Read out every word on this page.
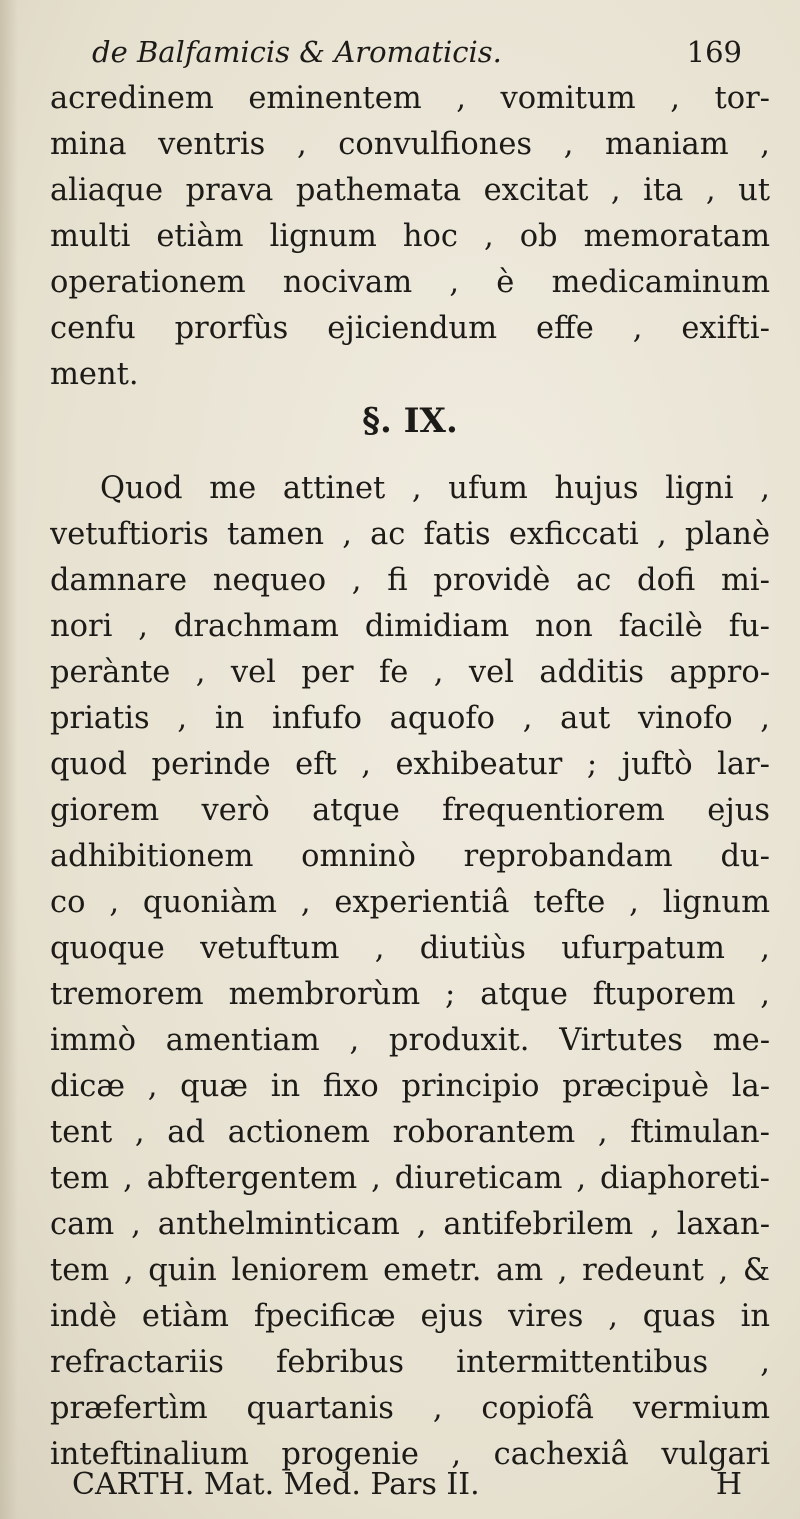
de Balfamicis & Aromaticis.	169
acredinem eminentem , vomitum , tor-
mina ventris , convulfiones , maniam ,
aliaque prava pathemata excitat , ita , ut
multi etiàm lignum hoc , ob memoratam
operationem nocivam , è medicaminum
cenfu prorfùs ejiciendum effe , exifti-
ment.
§. IX.
Quod me attinet , ufum hujus ligni ,
vetuftioris tamen , ac fatis exficcati , planè
damnare nequeo , fi providè ac dofi mi-
nori , drachmam dimidiam non facilè fu-
perànte , vel per fe , vel additis appro-
priatis , in infufo aquofo , aut vinofo ,
quod perinde eft , exhibeatur ; juftò lar-
giorem verò atque frequentiorem ejus
adhibitionem omninò reprobandam du-
co , quoniàm , experientiâ tefte , lignum
quoque vetuftum , diutiùs ufurpatum ,
tremorem membrorùm ; atque ftuporem ,
immò amentiam , produxit. Virtutes me-
dicæ , quæ in fixo principio præcipuè la-
tent , ad actionem roborantem , ftimulan-
tem , abftergentem , diureticam , diaphoreti-
cam , anthelminticam , antifebrilem , laxan-
tem , quin leniorem emetr. am , redeunt , &
indè etiàm fpecificæ ejus vires , quas in
refractariis febribus intermittentibus ,
præfertìm quartanis , copiofâ vermium
inteftinalium progenie , cachexiâ vulgari
CARTH. Mat. Med. Pars II.	H
